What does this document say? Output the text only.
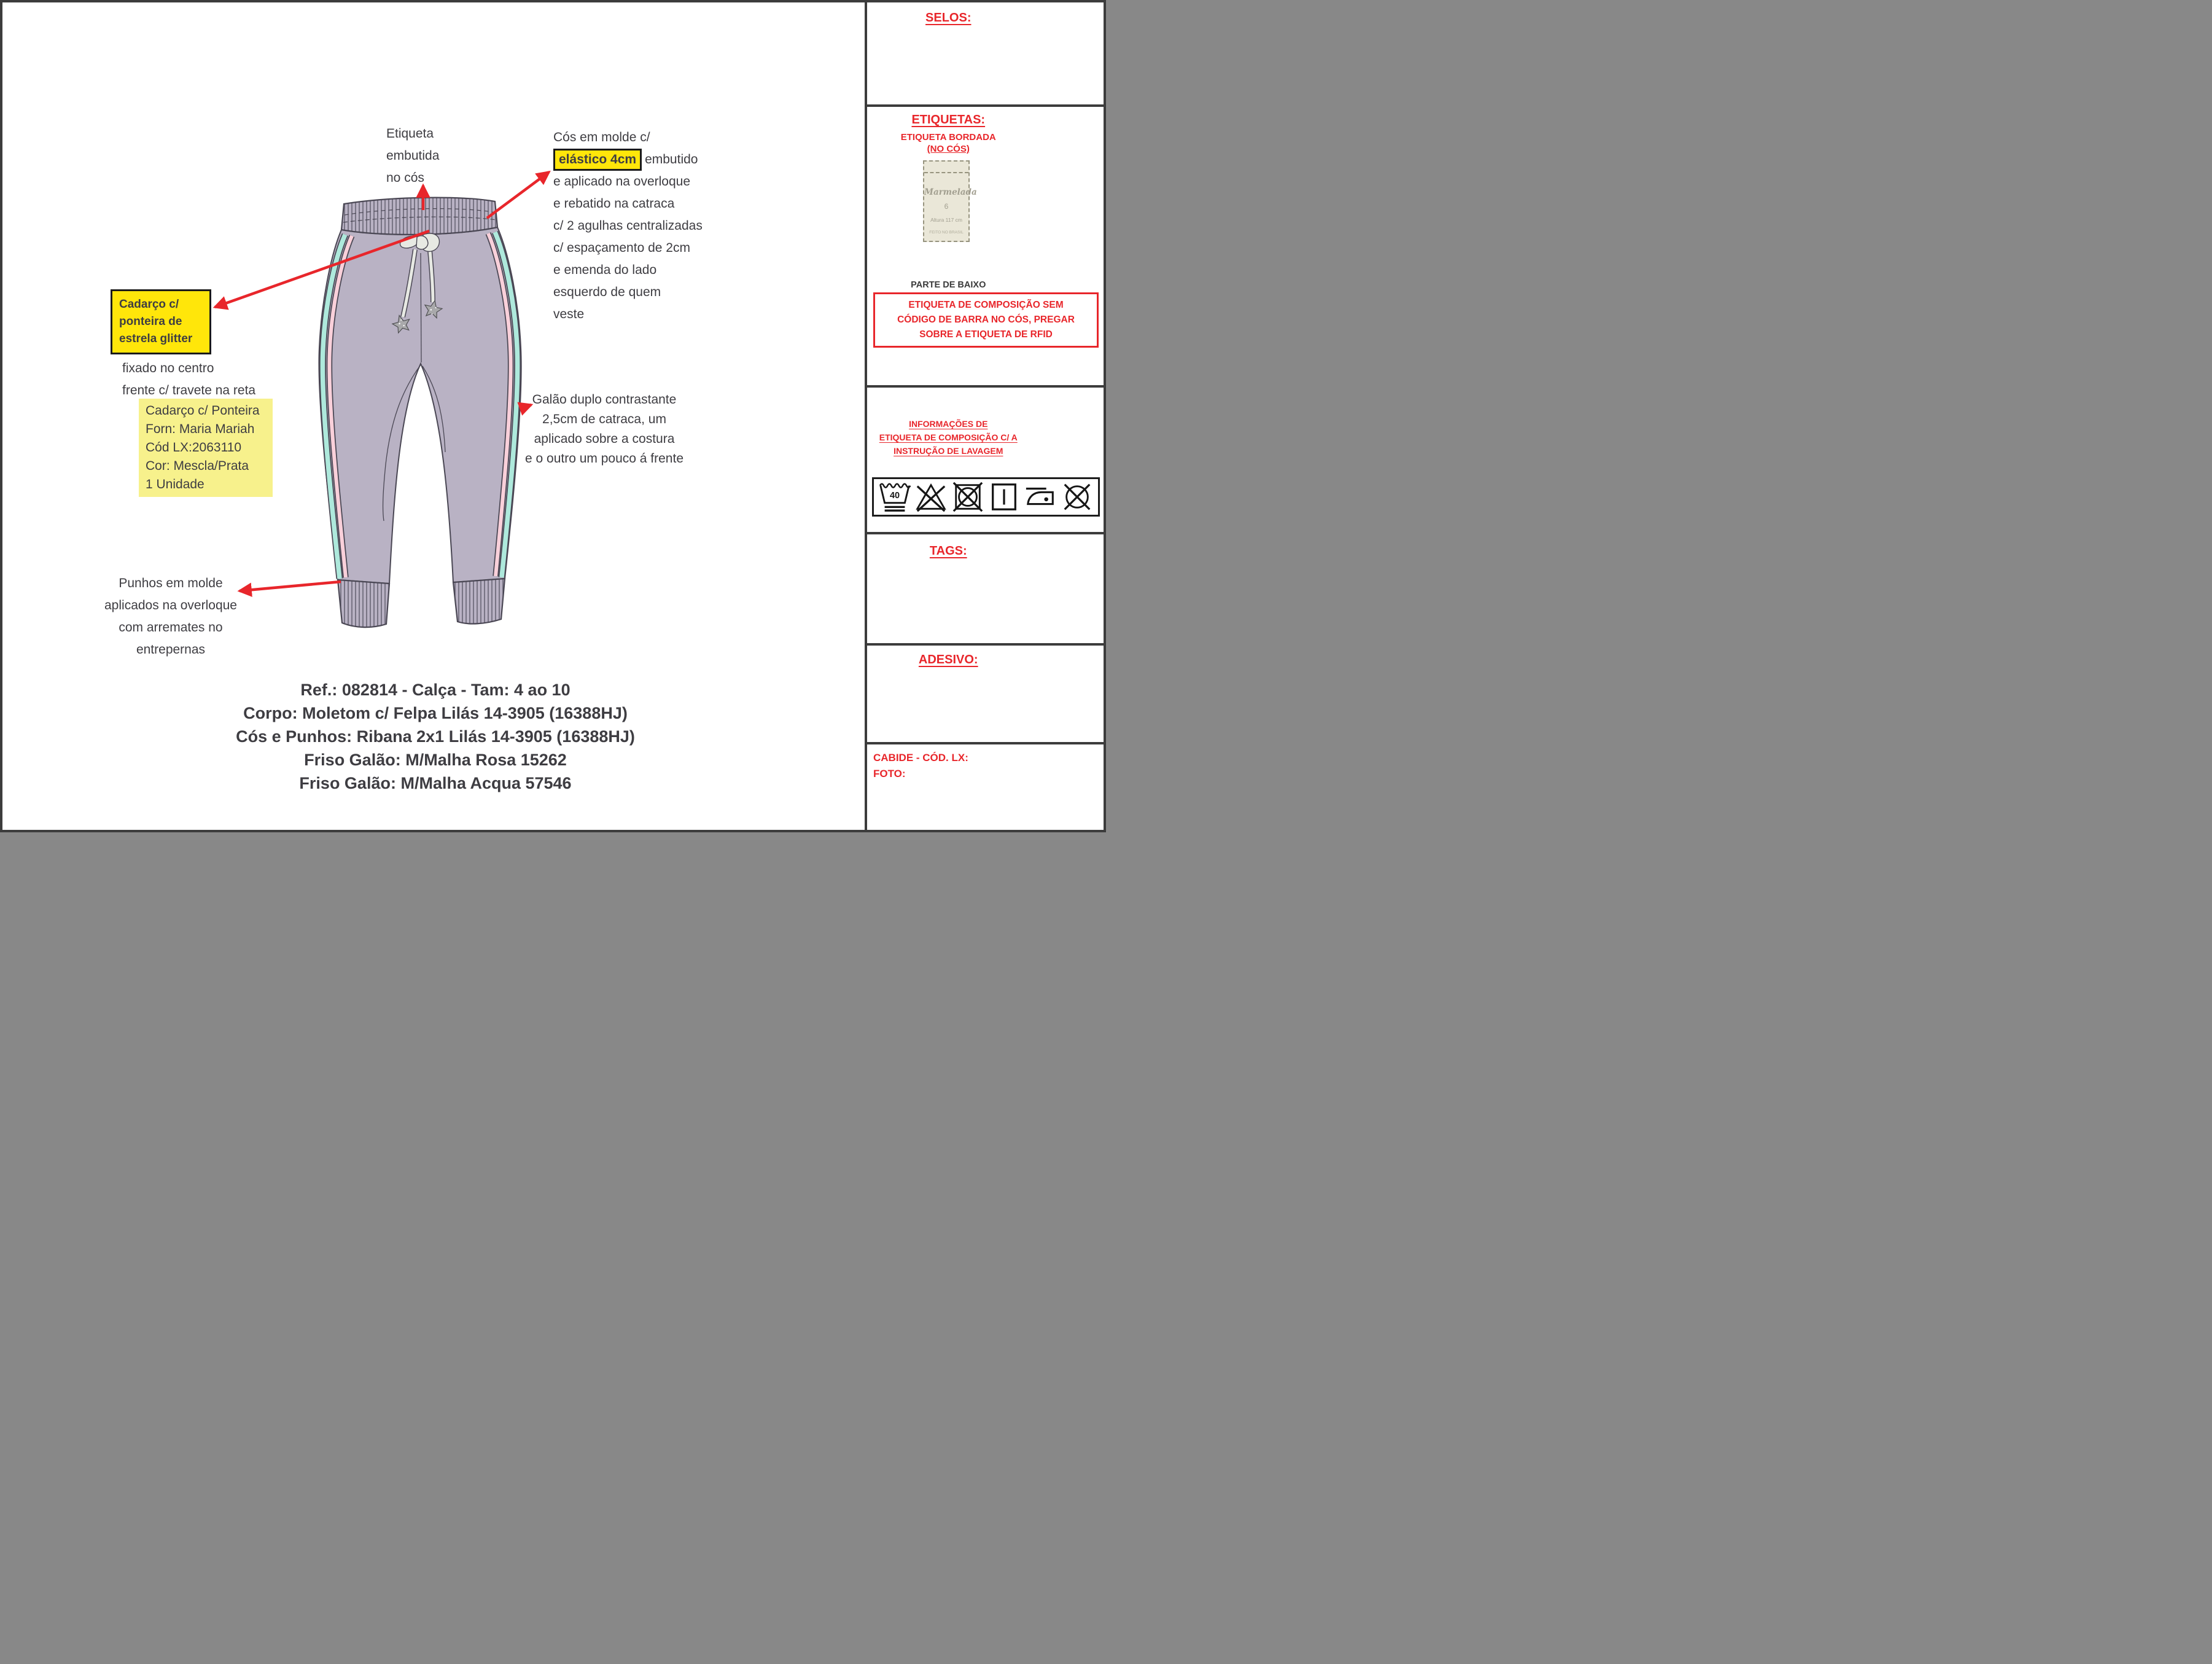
Etiqueta
embutida
no cós
Cós em molde c/
elástico 4cm embutido
e aplicado na overloque
e rebatido na catraca
c/ 2 agulhas centralizadas
c/ espaçamento de 2cm
e emenda do lado
esquerdo de quem
veste
Cadarço c/
ponteira de
estrela glitter
fixado no centro
frente c/ travete na reta
Cadarço c/ Ponteira
Forn: Maria Mariah
Cód LX:2063110
Cor: Mescla/Prata
1 Unidade
Galão duplo contrastante
2,5cm de catraca, um
aplicado sobre a costura
e o outro um pouco á frente
Punhos em molde
aplicados na overloque
com arremates no
entrepernas
Ref.: 082814 - Calça - Tam: 4 ao 10
Corpo: Moletom c/ Felpa Lilás 14-3905 (16388HJ)
Cós e Punhos: Ribana 2x1 Lilás 14-3905 (16388HJ)
Friso Galão: M/Malha Rosa 15262
Friso Galão: M/Malha Acqua 57546
SELOS:
ETIQUETAS:
ETIQUETA BORDADA
(NO CÓS)
Marmelada
6
Altura 117 cm
FEITO NO BRASIL
PARTE DE BAIXO
ETIQUETA DE COMPOSIÇÃO SEM
CÓDIGO DE BARRA NO CÓS, PREGAR
SOBRE A ETIQUETA DE RFID
INFORMAÇÕES DE
ETIQUETA DE COMPOSIÇÃO C/ A
INSTRUÇÃO DE LAVAGEM
40
TAGS:
ADESIVO:
CABIDE - CÓD. LX:
FOTO:
